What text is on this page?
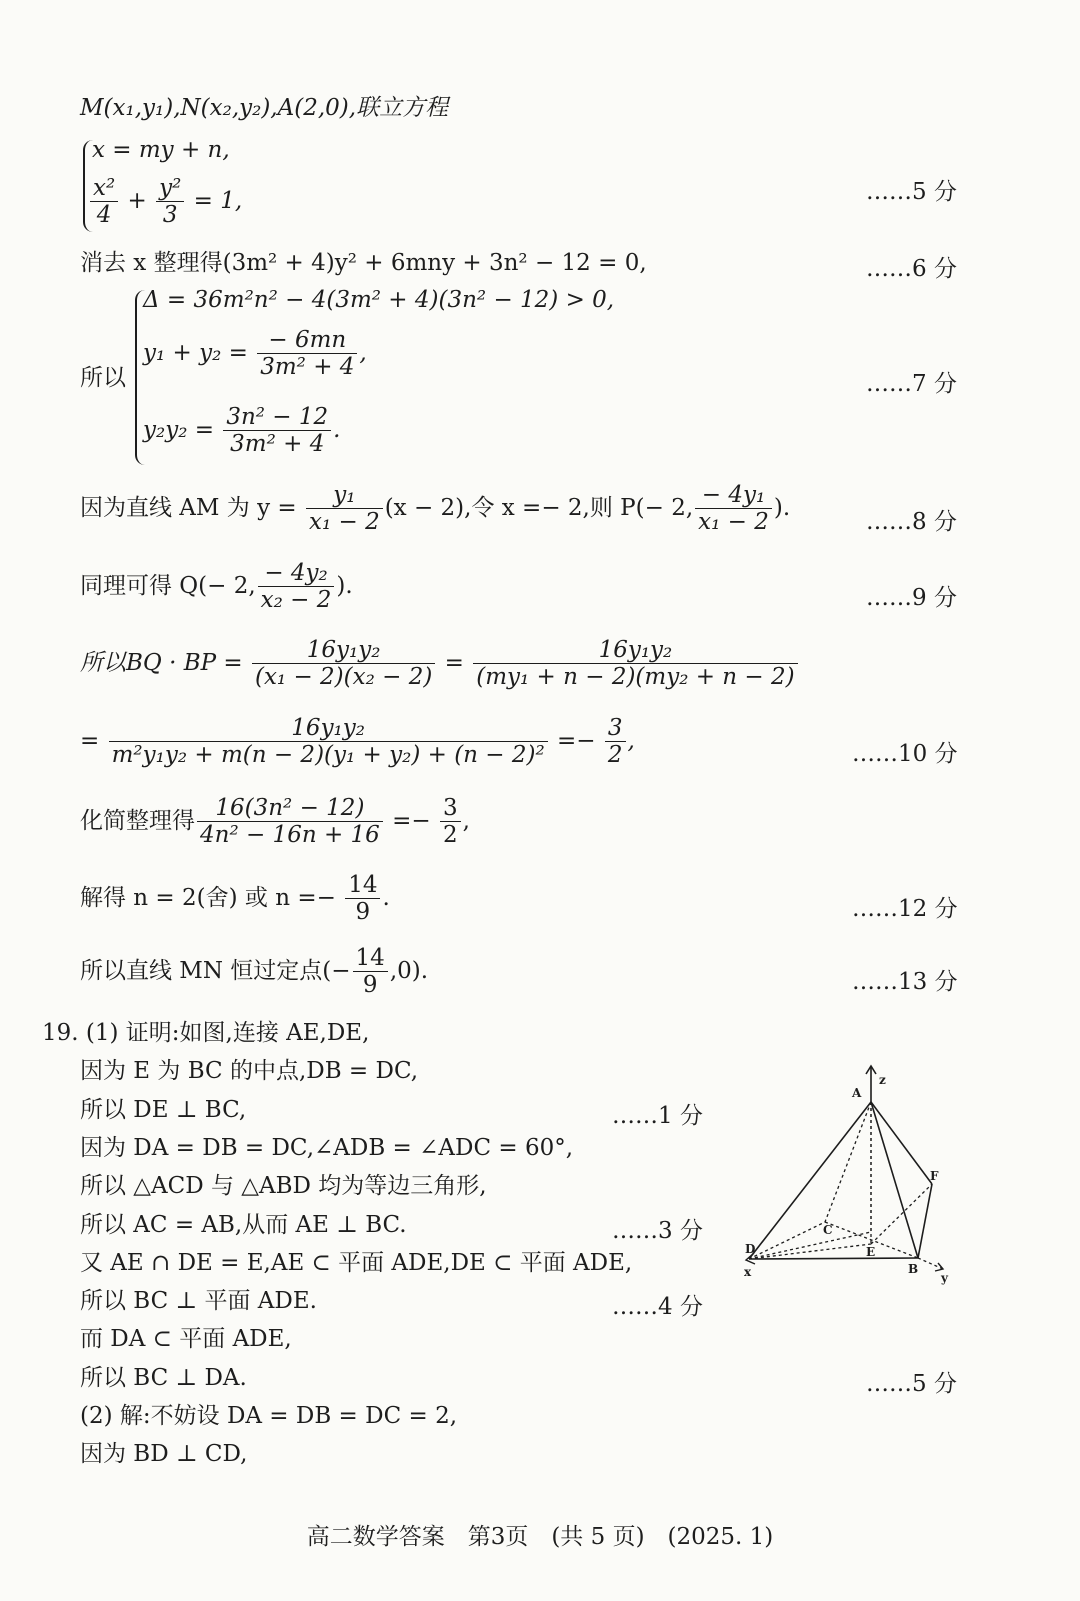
M(x₁,y₁),N(x₂,y₂),A(2,0),联立方程
x = my + n,
$\frac{\text{x²}}{4} + \frac{\text{y²}}{3} = 1$,	……5 分
消去 x 整理得(3m² + 4)y² + 6mny + 3n² − 12 = 0,	……6 分
所以
Δ = 36m²n² − 4(3m² + 4)(3n² − 12) > 0,
$y_1 + y_2 = \frac{- 6mn}{\text{3m² + 4}}$ ,
$y_2y_2 = \frac{\text{3n² − 12}}{\text{3m² + 4}}$ .
……7 分
因为直线 AM 为 $y = \frac{\text{y₁}}{\text{x₁ − 2}} (x - 2)$,令 x =− 2,则 P(− 2, $\frac{\text{− 4y₁}}{\text{x₁ − 2}}$ ).
……8 分
同理可得 Q(− 2, $\frac{\text{− 4y₂}}{\text{x₂ − 2}}$ ).	……9 分
所以BQ · BP = $\frac{\text{16y₁y₂}}{\text{(x₁ − 2)(x₂ − 2)}} = \frac{\text{16y₁y₂}}{\text{(my₁ + n − 2)(my₂ + n − 2)}}$
= $\frac{\text{16y₁y₂}}{\text{m²y₁y₂ + m(n − 2)(y₁ + y₂) + (n − 2)²}} =- \frac{3}{2}$ ,
……10 分
化简整理得 $\frac{\text{16(3n² − 12)}}{\text{4n² − 16n + 16}} =- \frac{3}{2}$ ,
解得 n = 2(舍) 或 $n =- \frac{14}{9}$ .	……12 分
所以直线 MN 恒过定点(− $\frac{14}{9} ,0$).	……13 分
19. (1) 证明:如图,连接 AE,DE,
因为 E 为 BC 的中点,DB = DC,
所以 DE ⊥ BC,	……1 分
因为 DA = DB = DC,∠ADB = ∠ADC = 60°,
所以 △ACD 与 △ABD 均为等边三角形,
所以 AC = AB,从而 AE ⊥ BC.	……3 分
又 AE ∩ DE = E,AE ⊂ 平面 ADE,DE ⊂ 平面 ADE,
所以 BC ⊥ 平面 ADE.	……4 分
而 DA ⊂ 平面 ADE,
所以 BC ⊥ DA.	……5 分
(2) 解:不妨设 DA = DB = DC = 2,
因为 BD ⊥ CD,
A
z
F
C
E
D
B
x	y
高二数学答案　第3页　(共 5 页)　(2025. 1)
